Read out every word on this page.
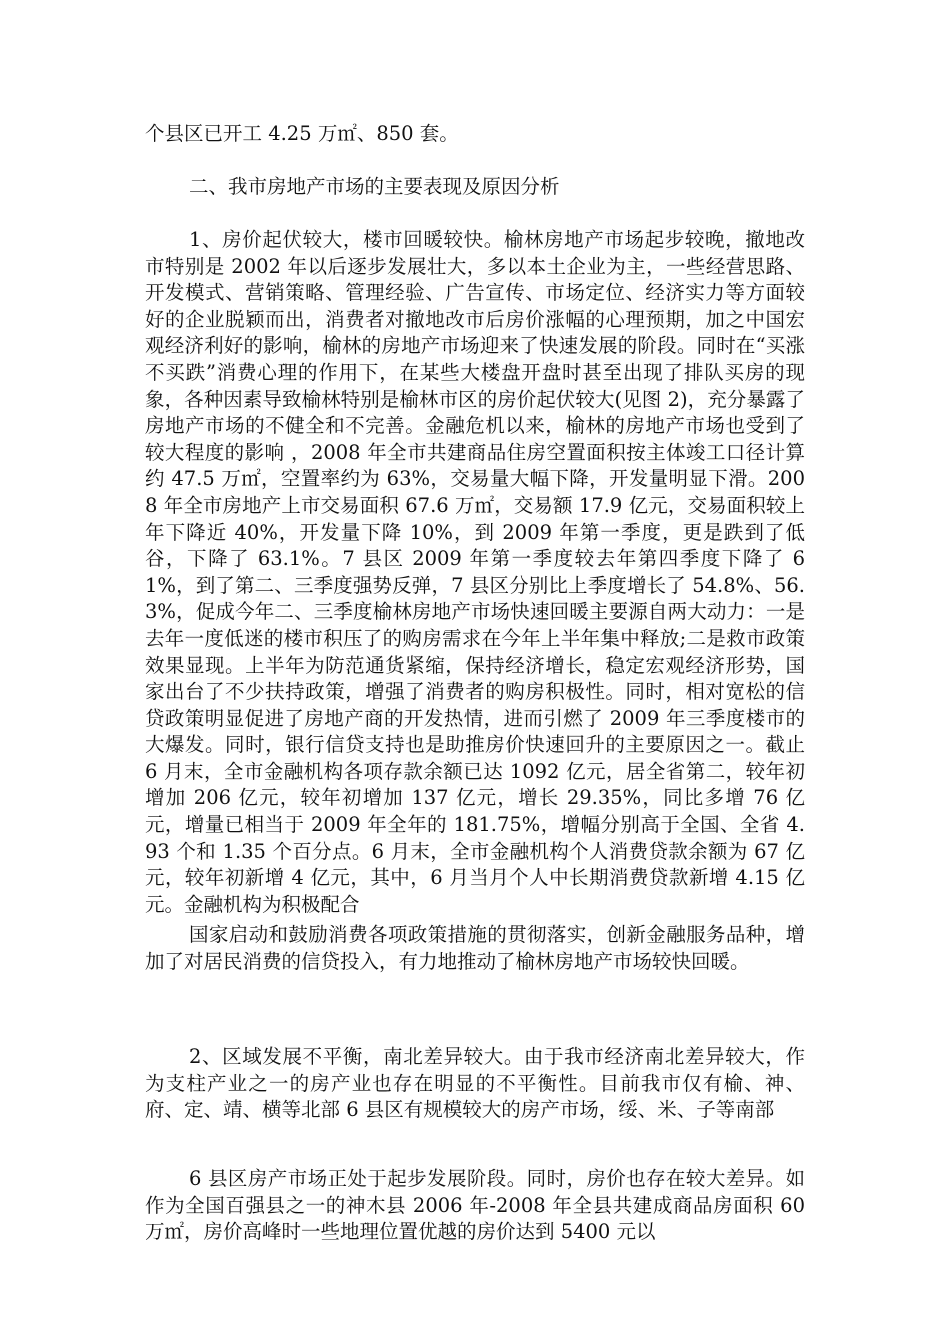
个县区已开工 4.25 万㎡、850 套。

二、我市房地产市场的主要表现及原因分析

1、房价起伏较大，楼市回暖较快。榆林房地产市场起步较晚，撤地改市特别是 2002 年以后逐步发展壮大，多以本土企业为主，一些经营思路、开发模式、营销策略、管理经验、广告宣传、市场定位、经济实力等方面较好的企业脱颖而出，消费者对撤地改市后房价涨幅的心理预期，加之中国宏观经济利好的影响，榆林的房地产市场迎来了快速发展的阶段。同时在“买涨不买跌”消费心理的作用下，在某些大楼盘开盘时甚至出现了排队买房的现象，各种因素导致榆林特别是榆林市区的房价起伏较大(见图 2)，充分暴露了房地产市场的不健全和不完善。金融危机以来，榆林的房地产市场也受到了较大程度的影响 ，2008 年全市共建商品住房空置面积按主体竣工口径计算约 47.5 万㎡，空置率约为 63%，交易量大幅下降，开发量明显下滑。2008 年全市房地产上市交易面积 67.6 万㎡，交易额 17.9 亿元，交易面积较上年下降近 40%，开发量下降 10%，到 2009 年第一季度，更是跌到了低谷，下降了 63.1%。7 县区 2009 年第一季度较去年第四季度下降了 61%，到了第二、三季度强势反弹，7 县区分别比上季度增长了 54.8%、56.3%，促成今年二、三季度榆林房地产市场快速回暖主要源自两大动力：一是去年一度低迷的楼市积压了的购房需求在今年上半年集中释放;二是救市政策效果显现。上半年为防范通货紧缩，保持经济增长，稳定宏观经济形势，国家出台了不少扶持政策，增强了消费者的购房积极性。同时，相对宽松的信贷政策明显促进了房地产商的开发热情，进而引燃了 2009 年三季度楼市的大爆发。同时，银行信贷支持也是助推房价快速回升的主要原因之一。截止 6 月末，全市金融机构各项存款余额已达 1092 亿元，居全省第二，较年初增加 206 亿元，较年初增加 137 亿元，增长 29.35%，同比多增 76 亿元，增量已相当于 2009 年全年的 181.75%，增幅分别高于全国、全省 4.93 个和 1.35 个百分点。6 月末，全市金融机构个人消费贷款余额为 67 亿元，较年初新增 4 亿元，其中，6 月当月个人中长期消费贷款新增 4.15 亿元。金融机构为积极配合

国家启动和鼓励消费各项政策措施的贯彻落实，创新金融服务品种，增加了对居民消费的信贷投入，有力地推动了榆林房地产市场较快回暖。

2、区域发展不平衡，南北差异较大。由于我市经济南北差异较大，作为支柱产业之一的房产业也存在明显的不平衡性。目前我市仅有榆、神、府、定、靖、横等北部 6 县区有规模较大的房产市场，绥、米、子等南部

6 县区房产市场正处于起步发展阶段。同时，房价也存在较大差异。如作为全国百强县之一的神木县 2006 年-2008 年全县共建成商品房面积 60 万㎡，房价高峰时一些地理位置优越的房价达到 5400 元以
